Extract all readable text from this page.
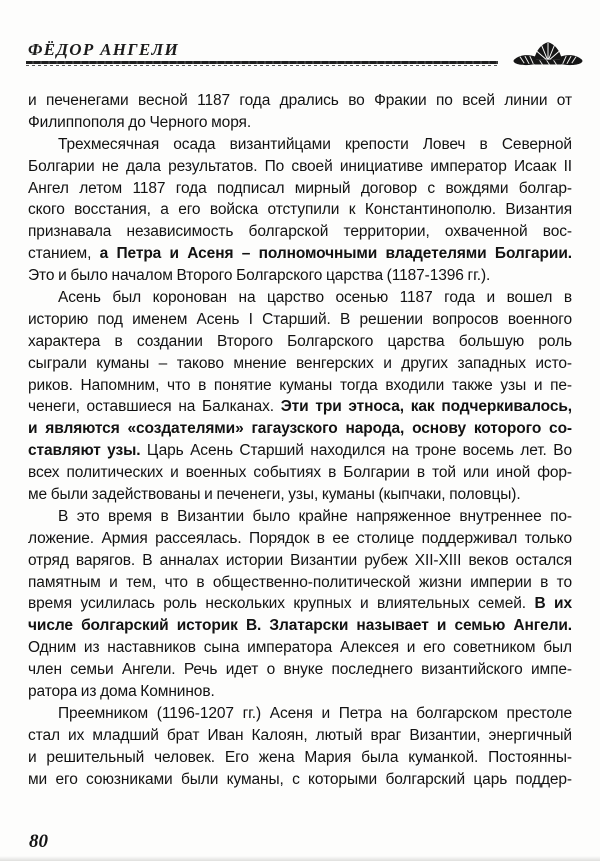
ФЁДОР АНГЕЛИ
и печенегами весной 1187 года дрались во Фракии по всей линии от
Филиппополя до Черного моря.
Трехмесячная осада византийцами крепости Ловеч в Северной
Болгарии не дала результатов. По своей инициативе император Исаак II
Ангел летом 1187 года подписал мирный договор с вождями болгар-
ского восстания, а его войска отступили к Константинополю. Византия
признавала независимость болгарской территории, охваченной вос-
станием, а Петра и Асеня – полномочными владетелями Болгарии.
Это и было началом Второго Болгарского царства (1187-1396 гг.).
Асень был коронован на царство осенью 1187 года и вошел в
историю под именем Асень I Старший. В решении вопросов военного
характера в создании Второго Болгарского царства большую роль
сыграли куманы – таково мнение венгерских и других западных исто-
риков. Напомним, что в понятие куманы тогда входили также узы и пе-
ченеги, оставшиеся на Балканах. Эти три этноса, как подчеркивалось,
и являются «создателями» гагаузского народа, основу которого со-
ставляют узы. Царь Асень Старший находился на троне восемь лет. Во
всех политических и военных событиях в Болгарии в той или иной фор-
ме были задействованы и печенеги, узы, куманы (кыпчаки, половцы).
В это время в Византии было крайне напряженное внутреннее по-
ложение. Армия рассеялась. Порядок в ее столице поддерживал только
отряд варягов. В анналах истории Византии рубеж XII-XIII веков остался
памятным и тем, что в общественно-политической жизни империи в то
время усилилась роль нескольких крупных и влиятельных семей. В их
числе болгарский историк В. Златарски называет и семью Ангели.
Одним из наставников сына императора Алексея и его советником был
член семьи Ангели. Речь идет о внуке последнего византийского импе-
ратора из дома Комнинов.
Преемником (1196-1207 гг.) Асеня и Петра на болгарском престоле
стал их младший брат Иван Калоян, лютый враг Византии, энергичный
и решительный человек. Его жена Мария была куманкой. Постоянны-
ми его союзниками были куманы, с которыми болгарский царь поддер-
80
